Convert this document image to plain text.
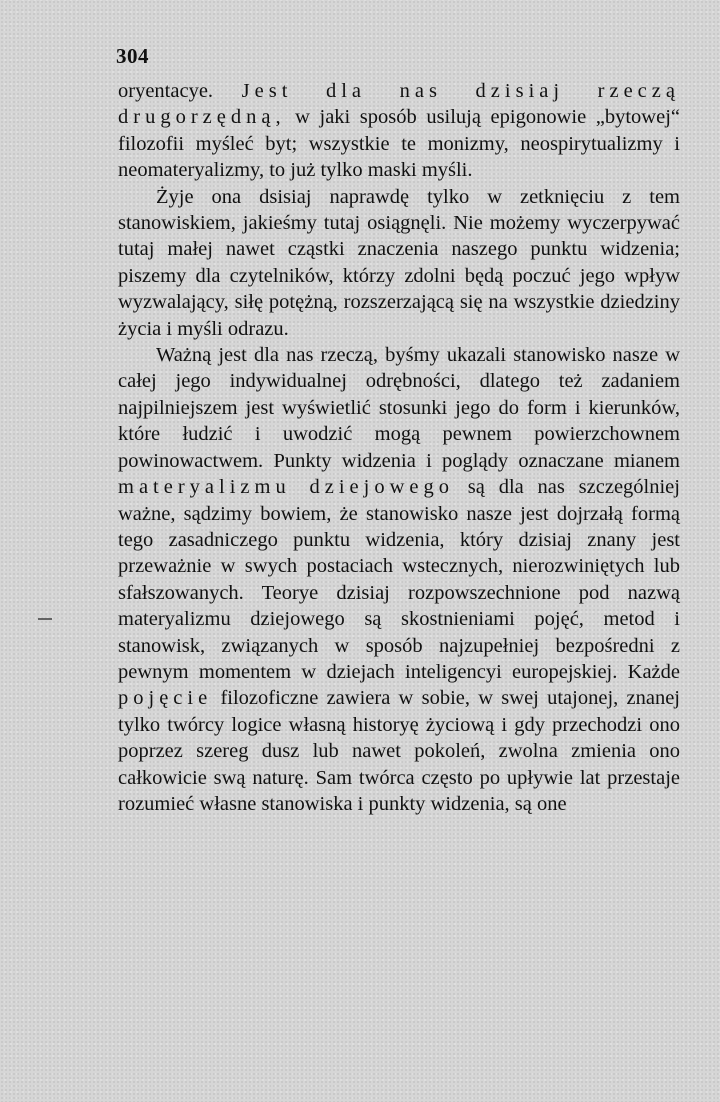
304

oryentacye. Jest dla nas dzisiaj rzeczą drugorzędną, w jaki sposób usilują epigonowie „bytowej“ filozofii myśleć byt; wszystkie te monizmy, neospirytualizmy i neomateryalizmy, to już tylko maski myśli.

Żyje ona dsisiaj naprawdę tylko w zetknięciu z tem stanowiskiem, jakieśmy tutaj osiągnęli. Nie możemy wyczerpywać tutaj małej nawet cząstki znaczenia naszego punktu widzenia; piszemy dla czytelników, którzy zdolni będą poczuć jego wpływ wyzwalający, siłę potężną, rozszerzającą się na wszystkie dziedziny życia i myśli odrazu.

Ważną jest dla nas rzeczą, byśmy ukazali stanowisko nasze w całej jego indywidualnej odrębności, dlatego też zadaniem najpilniejszem jest wyświetlić stosunki jego do form i kierunków, które łudzić i uwodzić mogą pewnem powierzchownem powinowactwem. Punkty widzenia i poglądy oznaczane mianem materyalizmu dziejowego są dla nas szczególniej ważne, sądzimy bowiem, że stanowisko nasze jest dojrzałą formą tego zasadniczego punktu widzenia, który dzisiaj znany jest przeważnie w swych postaciach wstecznych, nierozwiniętych lub sfałszowanych. Teorye dzisiaj rozpowszechnione pod nazwą materyalizmu dziejowego są skostnieniami pojęć, metod i stanowisk, związanych w sposób najzupełniej bezpośredni z pewnym momentem w dziejach inteligencyi europejskiej. Każde pojęcie filozoficzne zawiera w sobie, w swej utajonej, znanej tylko twórcy logice własną historyę życiową i gdy przechodzi ono poprzez szereg dusz lub nawet pokoleń, zwolna zmienia ono całkowicie swą naturę. Sam twórca często po upływie lat przestaje rozumieć własne stanowiska i punkty widzenia, są one
